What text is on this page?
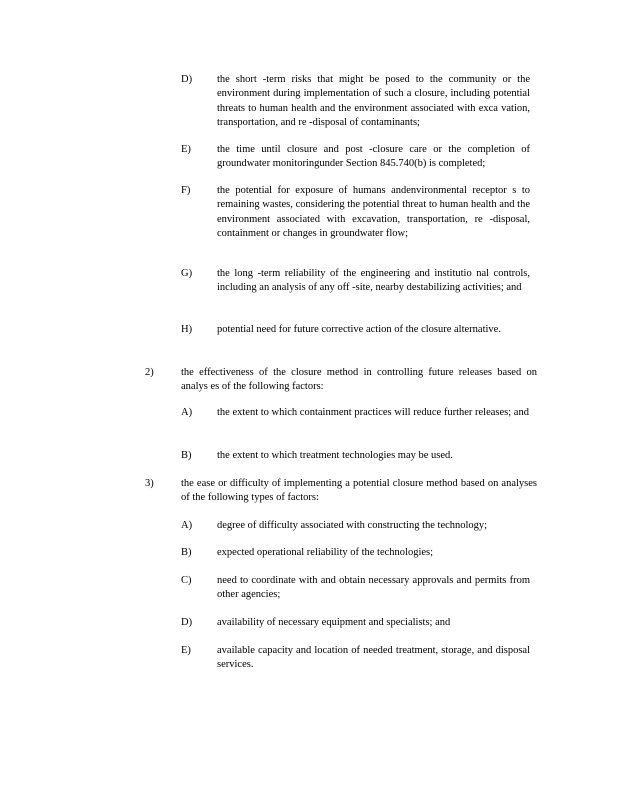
D) the short -term risks that might be posed to the community or the environment during implementation of such a closure, including potential threats to human health and the environment associated with exca vation, transportation, and re -disposal of contaminants;
E) the time until closure and post -closure care or the completion of groundwater monitoringunder Section 845.740(b) is completed;
F)	the potential for exposure of humans andenvironmental receptor s to remaining wastes, considering the potential threat to human health and the environment associated with excavation, transportation, re -disposal, containment or changes in groundwater flow;
G) the long -term reliability of the engineering and institutio nal controls, including an analysis of any off -site, nearby destabilizing activities; and
H) potential need for future corrective action of the closure alternative.
2)	the effectiveness of the closure method in controlling future releases based on analys es of the following factors:
A) the extent to which containment practices will reduce further releases; and
B) the extent to which treatment technologies may be used.
3)	the ease or difficulty of implementing a potential closure method based on analyses of the following types of factors:
A) degree of difficulty associated with constructing the technology;
B) expected operational reliability of the technologies;
C) need to coordinate with and obtain necessary approvals and permits from other agencies;
D) availability of necessary equipment and specialists; and
E) available capacity and location of needed treatment, storage, and disposal services.
